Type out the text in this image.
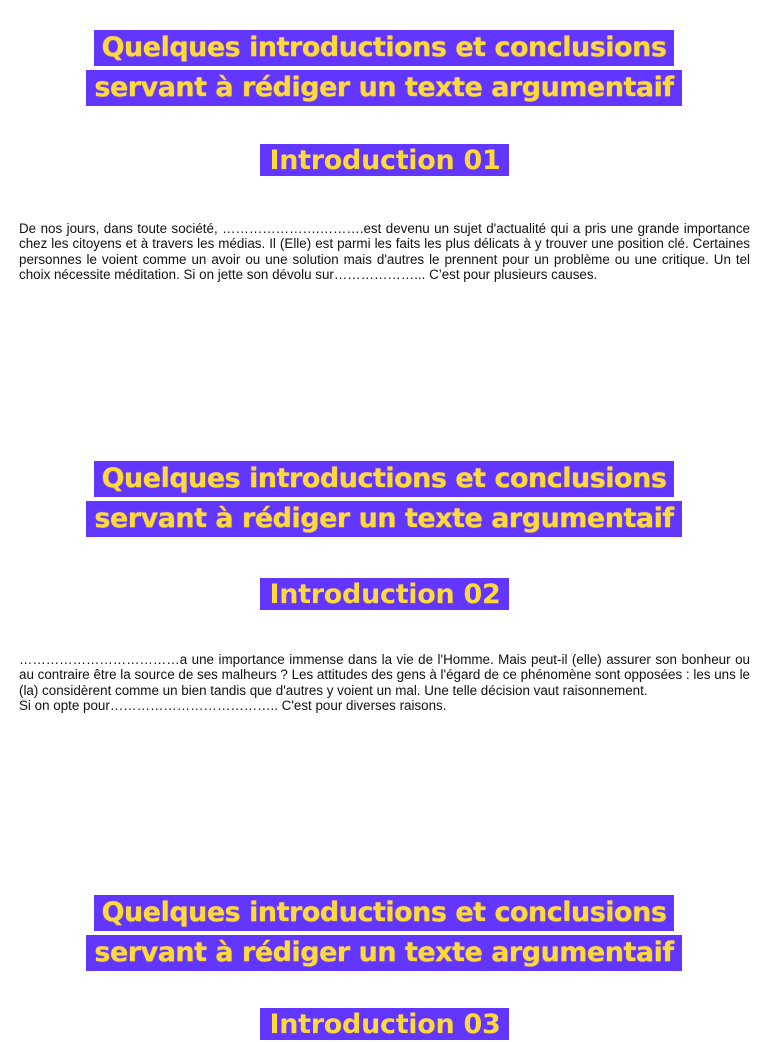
Quelques introductions et conclusions
servant à rédiger un texte argumentaif
Introduction 01

De nos jours, dans toute société, ………………….……….est devenu un sujet d'actualité qui a pris une grande importance chez les citoyens et à travers les médias. Il (Elle) est parmi les faits les plus délicats à y trouver une position clé. Certaines personnes le voient comme un avoir ou une solution mais d'autres le prennent pour un problème ou une critique. Un tel choix nécessite méditation. Si on jette son dévolu sur………………... C’est pour plusieurs causes.

Quelques introductions et conclusions
servant à rédiger un texte argumentaif
Introduction 02

………………………………a une importance immense dans la vie de l'Homme. Mais peut-il (elle) assurer son bonheur ou au contraire être la source de ses malheurs ? Les attitudes des gens à l'égard de ce phénomène sont opposées : les uns le (la) considèrent comme un bien tandis que d'autres y voient un mal. Une telle décision vaut raisonnement.

Si on opte pour……………………………….. C'est pour diverses raisons.

Quelques introductions et conclusions
servant à rédiger un texte argumentaif
Introduction 03
